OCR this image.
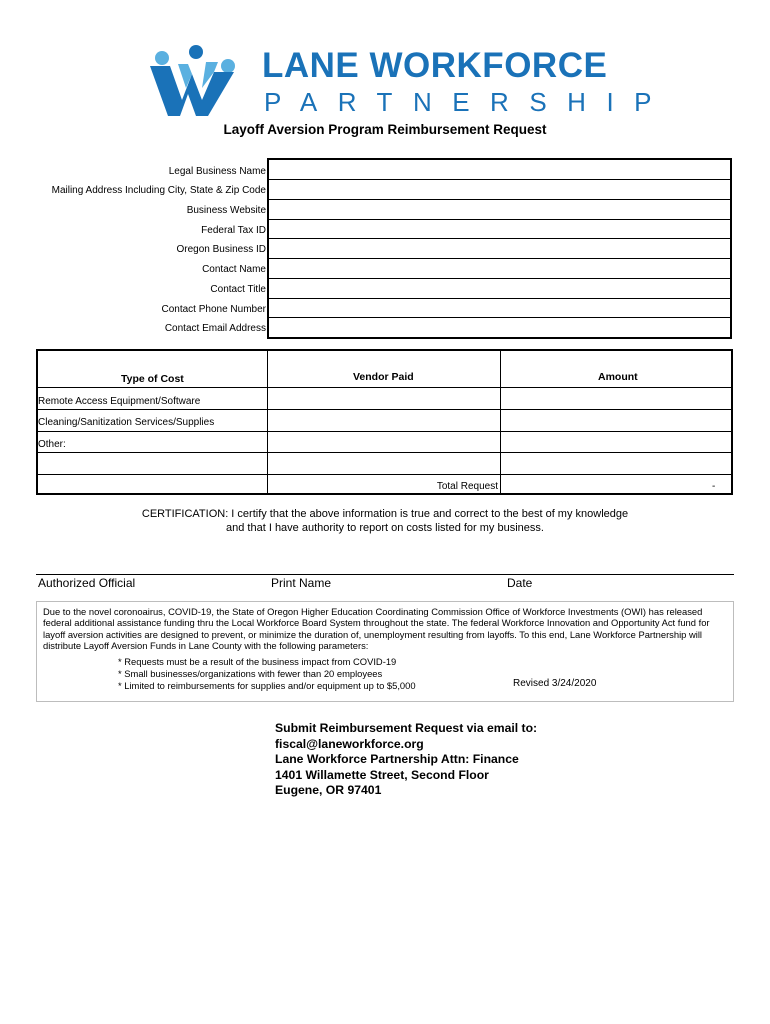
LANE WORKFORCE
PARTNERSHIP
Layoff Aversion Program Reimbursement Request
Legal Business Name
Mailing Address Including City, State & Zip Code
Business Website
Federal Tax ID
Oregon Business ID
Contact Name
Contact Title
Contact Phone Number
Contact Email Address
Type of Cost	Vendor Paid	Amount
Remote Access Equipment/Software
Cleaning/Sanitization Services/Supplies
Other:
Total Request	-
CERTIFICATION: I certify that the above information is true and correct to the best of my knowledge
and that I have authority to report on costs listed for my business.
Authorized Official	Print Name	Date
Due to the novel coronoairus, COVID-19, the State of Oregon Higher Education Coordinating Commission Office of Workforce Investments (OWI) has released federal additional assistance funding thru the Local Workforce Board System throughout the state. The federal Workforce Innovation and Opportunity Act fund for layoff aversion activities are designed to prevent, or minimize the duration of, unemployment resulting from layoffs. To this end, Lane Workforce Partnership will distribute Layoff Aversion Funds in Lane County with the following parameters:
* Requests must be a result of the business impact from COVID-19
* Small businesses/organizations with fewer than 20 employees
* Limited to reimbursements for supplies and/or equipment up to $5,000	Revised 3/24/2020
Submit Reimbursement Request via email to:
fiscal@laneworkforce.org
Lane Workforce Partnership Attn: Finance
1401 Willamette Street, Second Floor
Eugene, OR 97401
